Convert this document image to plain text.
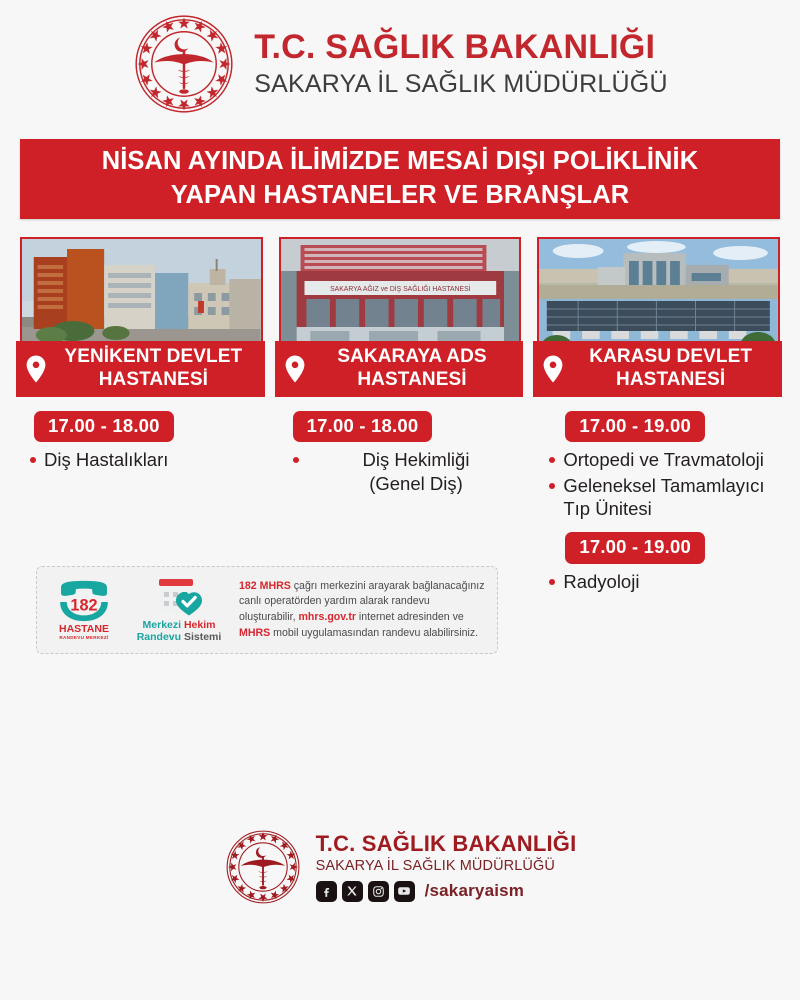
T.C. SAĞLIK BAKANLIĞI
SAKARYA İL SAĞLIK MÜDÜRLÜĞÜ
NİSAN AYINDA İLİMİZDE MESAİ DIŞI POLİKLİNİK
YAPAN HASTANELER VE BRANŞLAR
YENİKENT DEVLET
HASTANESİ
SAKARYA AĞIZ ve DİŞ SAĞLIĞI HASTANESİ
SAKARAYA ADS
HASTANESİ
KARASU DEVLET
HASTANESİ
17.00 - 18.00
Diş Hastalıkları
17.00 - 18.00
Diş Hekimliği
(Genel Diş)
17.00 - 19.00
Ortopedi ve Travmatoloji
Geleneksel Tamamlayıcı Tıp Ünitesi
17.00 - 19.00
Radyoloji
182
HASTANE
RANDEVU MERKEZİ
Merkezi Hekim
Randevu Sistemi
182 MHRS çağrı merkezini arayarak bağlanacağınız canlı operatörden yardım alarak randevu oluşturabilir, mhrs.gov.tr internet adresinden ve MHRS mobil uygulamasından randevu alabilirsiniz.
T.C. SAĞLIK BAKANLIĞI
SAKARYA İL SAĞLIK MÜDÜRLÜĞÜ
/sakaryaism
